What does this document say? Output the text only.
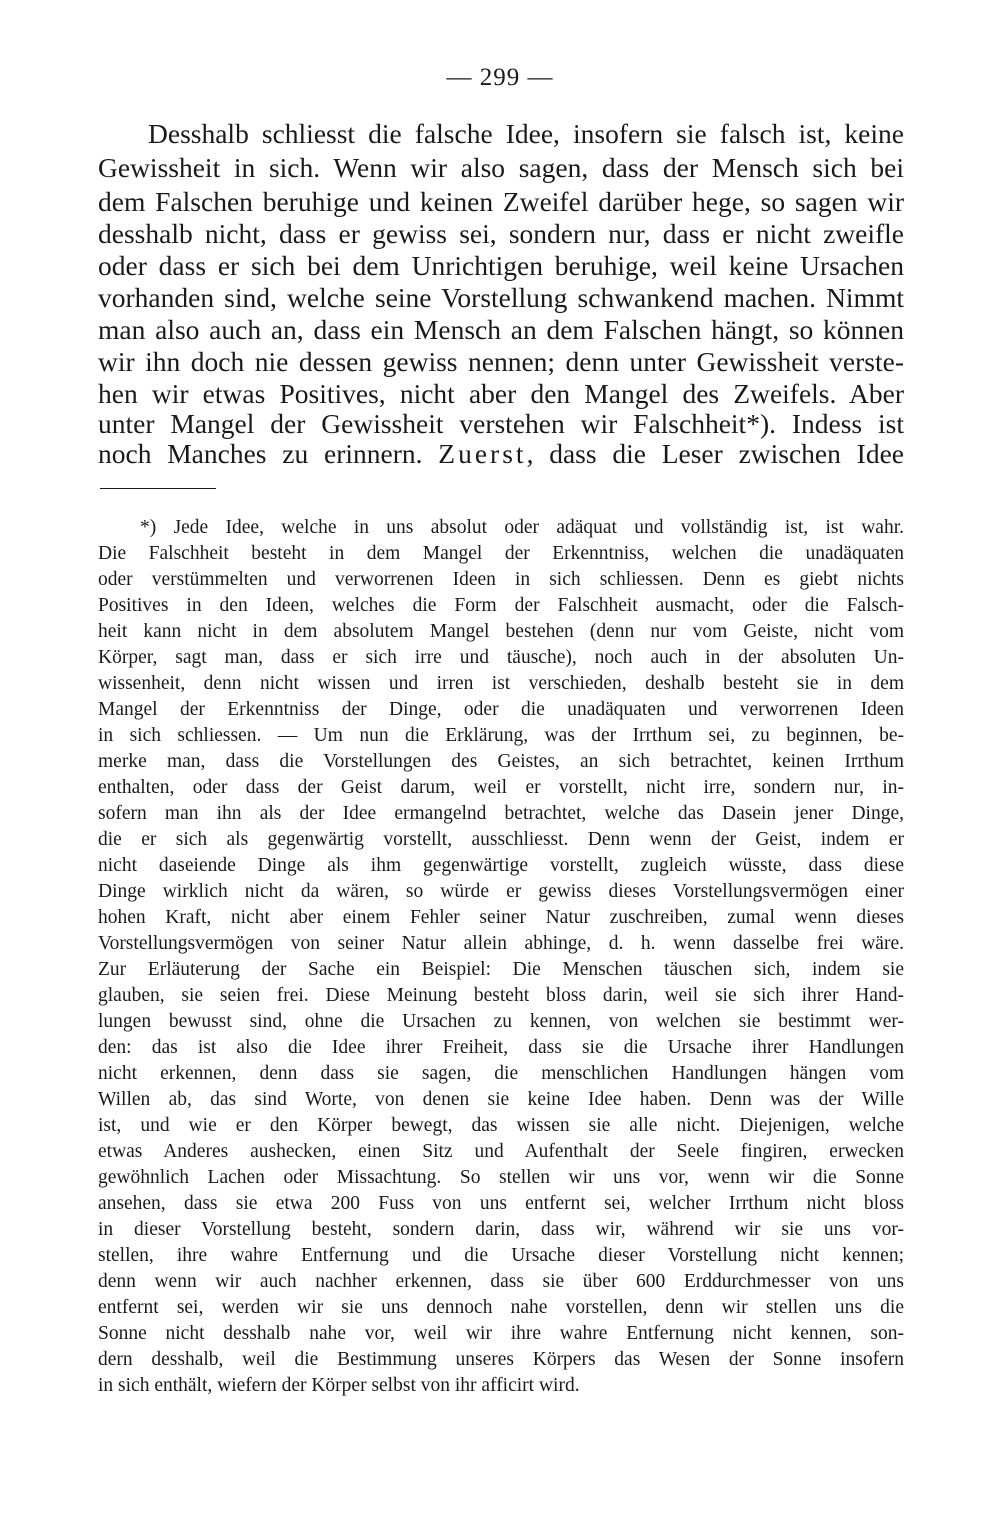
— 299 —
Desshalb schliesst die falsche Idee, insofern sie falsch ist, keine
Gewissheit in sich. Wenn wir also sagen, dass der Mensch sich bei
dem Falschen beruhige und keinen Zweifel darüber hege, so sagen wir
desshalb nicht, dass er gewiss sei, sondern nur, dass er nicht zweifle
oder dass er sich bei dem Unrichtigen beruhige, weil keine Ursachen
vorhanden sind, welche seine Vorstellung schwankend machen. Nimmt
man also auch an, dass ein Mensch an dem Falschen hängt, so können
wir ihn doch nie dessen gewiss nennen; denn unter Gewissheit verste-
hen wir etwas Positives, nicht aber den Mangel des Zweifels. Aber
unter Mangel der Gewissheit verstehen wir Falschheit*). Indess ist
noch Manches zu erinnern. Zuerst, dass die Leser zwischen Idee
*) Jede Idee, welche in uns absolut oder adäquat und vollständig ist, ist wahr.
Die Falschheit besteht in dem Mangel der Erkenntniss, welchen die unadäquaten
oder verstümmelten und verworrenen Ideen in sich schliessen. Denn es giebt nichts
Positives in den Ideen, welches die Form der Falschheit ausmacht, oder die Falsch-
heit kann nicht in dem absolutem Mangel bestehen (denn nur vom Geiste, nicht vom
Körper, sagt man, dass er sich irre und täusche), noch auch in der absoluten Un-
wissenheit, denn nicht wissen und irren ist verschieden, deshalb besteht sie in dem
Mangel der Erkenntniss der Dinge, oder die unadäquaten und verworrenen Ideen
in sich schliessen. — Um nun die Erklärung, was der Irrthum sei, zu beginnen, be-
merke man, dass die Vorstellungen des Geistes, an sich betrachtet, keinen Irrthum
enthalten, oder dass der Geist darum, weil er vorstellt, nicht irre, sondern nur, in-
sofern man ihn als der Idee ermangelnd betrachtet, welche das Dasein jener Dinge,
die er sich als gegenwärtig vorstellt, ausschliesst. Denn wenn der Geist, indem er
nicht daseiende Dinge als ihm gegenwärtige vorstellt, zugleich wüsste, dass diese
Dinge wirklich nicht da wären, so würde er gewiss dieses Vorstellungsvermögen einer
hohen Kraft, nicht aber einem Fehler seiner Natur zuschreiben, zumal wenn dieses
Vorstellungsvermögen von seiner Natur allein abhinge, d. h. wenn dasselbe frei wäre.
Zur Erläuterung der Sache ein Beispiel: Die Menschen täuschen sich, indem sie
glauben, sie seien frei. Diese Meinung besteht bloss darin, weil sie sich ihrer Hand-
lungen bewusst sind, ohne die Ursachen zu kennen, von welchen sie bestimmt wer-
den: das ist also die Idee ihrer Freiheit, dass sie die Ursache ihrer Handlungen
nicht erkennen, denn dass sie sagen, die menschlichen Handlungen hängen vom
Willen ab, das sind Worte, von denen sie keine Idee haben. Denn was der Wille
ist, und wie er den Körper bewegt, das wissen sie alle nicht. Diejenigen, welche
etwas Anderes aushecken, einen Sitz und Aufenthalt der Seele fingiren, erwecken
gewöhnlich Lachen oder Missachtung. So stellen wir uns vor, wenn wir die Sonne
ansehen, dass sie etwa 200 Fuss von uns entfernt sei, welcher Irrthum nicht bloss
in dieser Vorstellung besteht, sondern darin, dass wir, während wir sie uns vor-
stellen, ihre wahre Entfernung und die Ursache dieser Vorstellung nicht kennen;
denn wenn wir auch nachher erkennen, dass sie über 600 Erddurchmesser von uns
entfernt sei, werden wir sie uns dennoch nahe vorstellen, denn wir stellen uns die
Sonne nicht desshalb nahe vor, weil wir ihre wahre Entfernung nicht kennen, son-
dern desshalb, weil die Bestimmung unseres Körpers das Wesen der Sonne insofern
in sich enthält, wiefern der Körper selbst von ihr afficirt wird.
